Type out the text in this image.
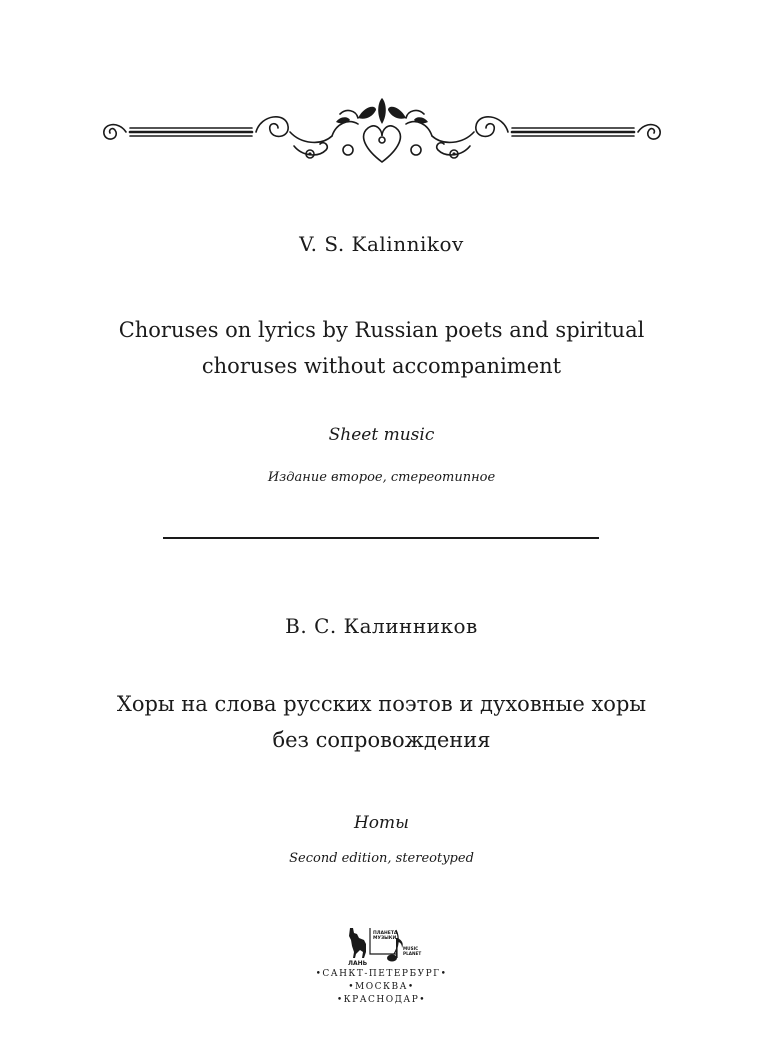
V. S. Kalinnikov
Choruses on lyrics by Russian poets and spiritual
choruses without accompaniment
Sheet music
Издание второе, стереотипное
В. С. Калинников
Хоры на слова русских поэтов и духовные хоры
без сопровождения
Ноты
Second edition, stereotyped
ПЛАНЕТА
МУЗЫКИ
MUSIC
PLANET
ЛАНЬ
•САНКТ-ПЕТЕРБУРГ•
•МОСКВА•
•КРАСНОДАР•
